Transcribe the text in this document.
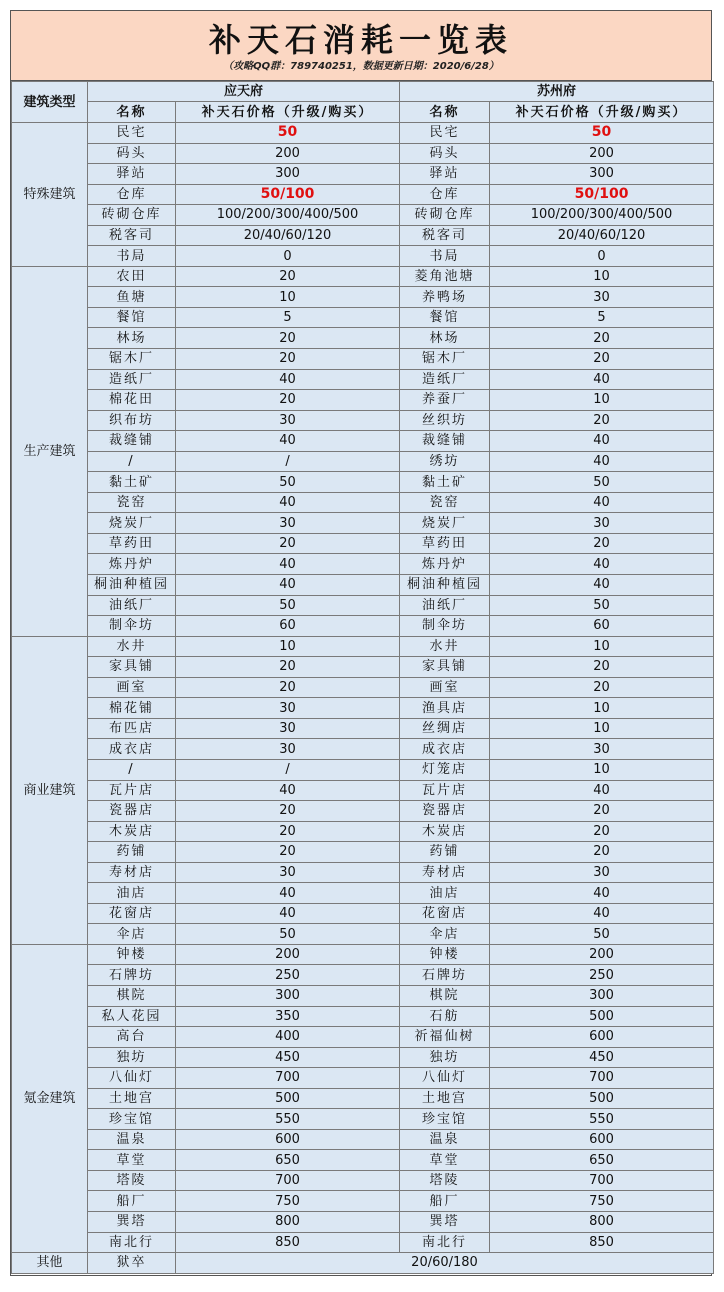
补天石消耗一览表
（攻略QQ群：789740251，数据更新日期：2020/6/28）
建筑类型	应天府		苏州府	
	名称	补天石价格（升级/购买）	名称	补天石价格（升级/购买）
特殊建筑	民宅	50	民宅	50
	码头	200	码头	200
	驿站	300	驿站	300
	仓库	50/100	仓库	50/100
	砖砌仓库	100/200/300/400/500	砖砌仓库	100/200/300/400/500
	税客司	20/40/60/120	税客司	20/40/60/120
	书局	0	书局	0
生产建筑	农田	20	菱角池塘	10
	鱼塘	10	养鸭场	30
	餐馆	5	餐馆	5
	林场	20	林场	20
	锯木厂	20	锯木厂	20
	造纸厂	40	造纸厂	40
	棉花田	20	养蚕厂	10
	织布坊	30	丝织坊	20
	裁缝铺	40	裁缝铺	40
	/	/	绣坊	40
	黏土矿	50	黏土矿	50
	瓷窑	40	瓷窑	40
	烧炭厂	30	烧炭厂	30
	草药田	20	草药田	20
	炼丹炉	40	炼丹炉	40
	桐油种植园	40	桐油种植园	40
	油纸厂	50	油纸厂	50
	制伞坊	60	制伞坊	60
商业建筑	水井	10	水井	10
	家具铺	20	家具铺	20
	画室	20	画室	20
	棉花铺	30	渔具店	10
	布匹店	30	丝绸店	10
	成衣店	30	成衣店	30
	/	/	灯笼店	10
	瓦片店	40	瓦片店	40
	瓷器店	20	瓷器店	20
	木炭店	20	木炭店	20
	药铺	20	药铺	20
	寿材店	30	寿材店	30
	油店	40	油店	40
	花窗店	40	花窗店	40
	伞店	50	伞店	50
氪金建筑	钟楼	200	钟楼	200
	石牌坊	250	石牌坊	250
	棋院	300	棋院	300
	私人花园	350	石舫	500
	高台	400	祈福仙树	600
	独坊	450	独坊	450
	八仙灯	700	八仙灯	700
	土地宫	500	土地宫	500
	珍宝馆	550	珍宝馆	550
	温泉	600	温泉	600
	草堂	650	草堂	650
	塔陵	700	塔陵	700
	船厂	750	船厂	750
	巽塔	800	巽塔	800
	南北行	850	南北行	850
其他	狱卒	20/60/180		
